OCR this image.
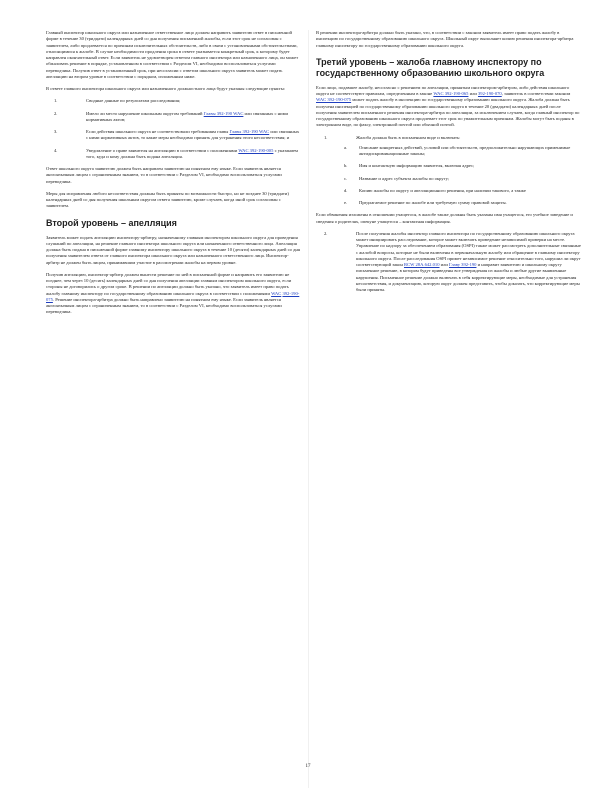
Главный инспектор школьного округа или назначенное ответственное лицо должен направить заявителю ответ в письменной форме в течение 30 (тридцати) календарных дней со дня получения письменной жалобы, если этот срок не согласован с заявителем, либо продлевается по причинам исключительных обстоятельств, либо в связи с установленными обстоятельствами, относящимися к жалобе. В случае необходимости продления срока в ответе указывается конкретный срок, к которому будет направлен окончательный ответ. Если заявитель не удовлетворен ответом главного инспектора или назначенного лица, он может обжаловать решение в порядке, установленном в соответствии с Разделом VI, необходимо воспользоваться услугами переводчика. Получив ответ в установленный срок, при несогласии с ответом школьного округа заявитель может подать апелляцию на втором уровне в соответствии с порядком, изложенным ниже.

В ответе главного инспектора школьного округа или назначенного должностного лица будут указаны следующие пункты:

1.	Сводные данные по результатам расследования;
2.	Имело ли место нарушение школьным округом требований Главы 392-190 WAC или связанных с ними нормативных актов;
3.	Если действия школьного округа не соответствовали требованиям главы Главы 392-190 WAC или связанных с ними нормативных актов, то какие меры необходимо принять для устранения этого несоответствия; и
4.	Уведомление о праве заявителя на апелляцию в соответствии с положениями WAC 392-190-005 с указанием того, куда и кому должна быть подана апелляция.

Ответ школьного округа заявителю должен быть направлен заявителю на понятном ему языке. Если заявитель является англоязычным лицом с ограниченным знанием, то в соответствии с Разделом VI, необходимо воспользоваться услугами переводчика.

Меры для исправления любого несоответствия должны быть приняты по возможности быстро, но не позднее 30 (тридцати) календарных дней со дня получения школьным округом ответа заявителю, кроме случаев, когда иной срок согласован с заявителем.

Второй уровень – апелляция

Заявитель может подать апелляцию инспектору-арбитру, назначенному главным инспектором школьного округа для проведения слушаний по апелляции, на решение главного инспектора школьного округа или назначенного ответственного лица. Апелляция должна быть подана в письменной форме главному инспектору школьного округа в течение 10 (десяти) календарных дней со дня получения заявителем ответа от главного инспектора школьного округа или назначенного ответственного лица. Инспектор-арбитр не должен быть лицом, принимавшим участие в рассмотрении жалобы на первом уровне.

Получив апелляцию, инспектор-арбитр должен вынести решение по ней в письменной форме и направить его заявителю не позднее, чем через 10 (десять) календарных дней со дня получения апелляции главным инспектором школьного округа, если стороны не договорились о другом сроке. В решении по апелляции должно быть указано, что заявитель имеет право подать жалобу главному инспектору по государственному образованию школьного округа в соответствии с положениями WAC 392-190-075. Решение инспектора-арбитра должно быть направлено заявителю на понятном ему языке. Если заявитель является англоязычным лицом с ограниченным знанием, то в соответствии с Разделом VI, необходимо воспользоваться услугами переводчика.

В решении инспектора-арбитра должно быть указано, что, в соответствии с законом заявитель имеет право подать жалобу в инспекцию по государственному образованию школьного округа. Школьный округ выполняет копию решения инспектора-арбитра главному инспектору по государственному образованию школьного округа.

Третий уровень – жалоба главному инспектору по государственному образованию школьного округа

Если лицо, подавшее жалобу, несогласно с решением по апелляции, принятым инспектором-арбитром, либо действия школьного округа не соответствуют правилам, определенным в законе WAC 392-190-065 или 392-190-070, заявитель в соответствии законом WAC 392-190-075 может подать жалобу в инспекцию по государственному образованию школьного округа. Жалоба должна быть получена инспекцией по государственному образованию школьного округа в течение 20 (двадцати) календарных дней после получения заявителем письменного решения инспектора-арбитра по апелляции, за исключением случаев, когда главный инспектор по государственному образованию школьного округа продлевает этот срок по уважительным причинам. Жалобы могут быть поданы в электронном виде, по факсу, электронной почтой или обычной почтой.

1.	Жалоба должна быть в письменном виде и включать:
a.	Описание конкретных действий, условий или обстоятельств, предположительно нарушающих применимые антидискриминационные законы;
b.	Имя и контактную информацию заявителя, включая адрес;
c.	Название и адрес субъекта жалобы по округу;
d.	Копию жалобы по округу и апелляционного решения, при наличии такового, а также
e.	Предлагаемое решение по жалобе или требуемую сумму правовой защиты.

Если обвинения изложены в отношении учащегося, в жалобе также должны быть указаны имя учащегося, его учебное заведение и сведения о родителях, опекуне учащегося – контактная информация.

2.	После получения жалобы инспектор главного инспектора по государственному образованию школьного округа может инициировать расследование, которое может включать проведение независимой проверки на месте. Управление по надзору за обеспечением образования (OSPI) также может рассмотреть дополнительные связанные с жалобой вопросы, которые не были включены в первоначальную жалобу или обращение в главному инспектору школьного округа. После расследования OSPI примет независимое решение относительно того, нарушил ли округ соответствующий закон RCW 28A.642.010 или Главу 392-190 и направит заявителю и школьному округу письменное решение, в котором будут приведены все утверждения из жалобы и любые другие выявленные нарушения. Письменное решение должно включать в себя корректирующие меры, необходимые для устранения несоответствия, и документацию, которую округ должен представить, чтобы доказать, что корректирующие меры были приняты.
17
